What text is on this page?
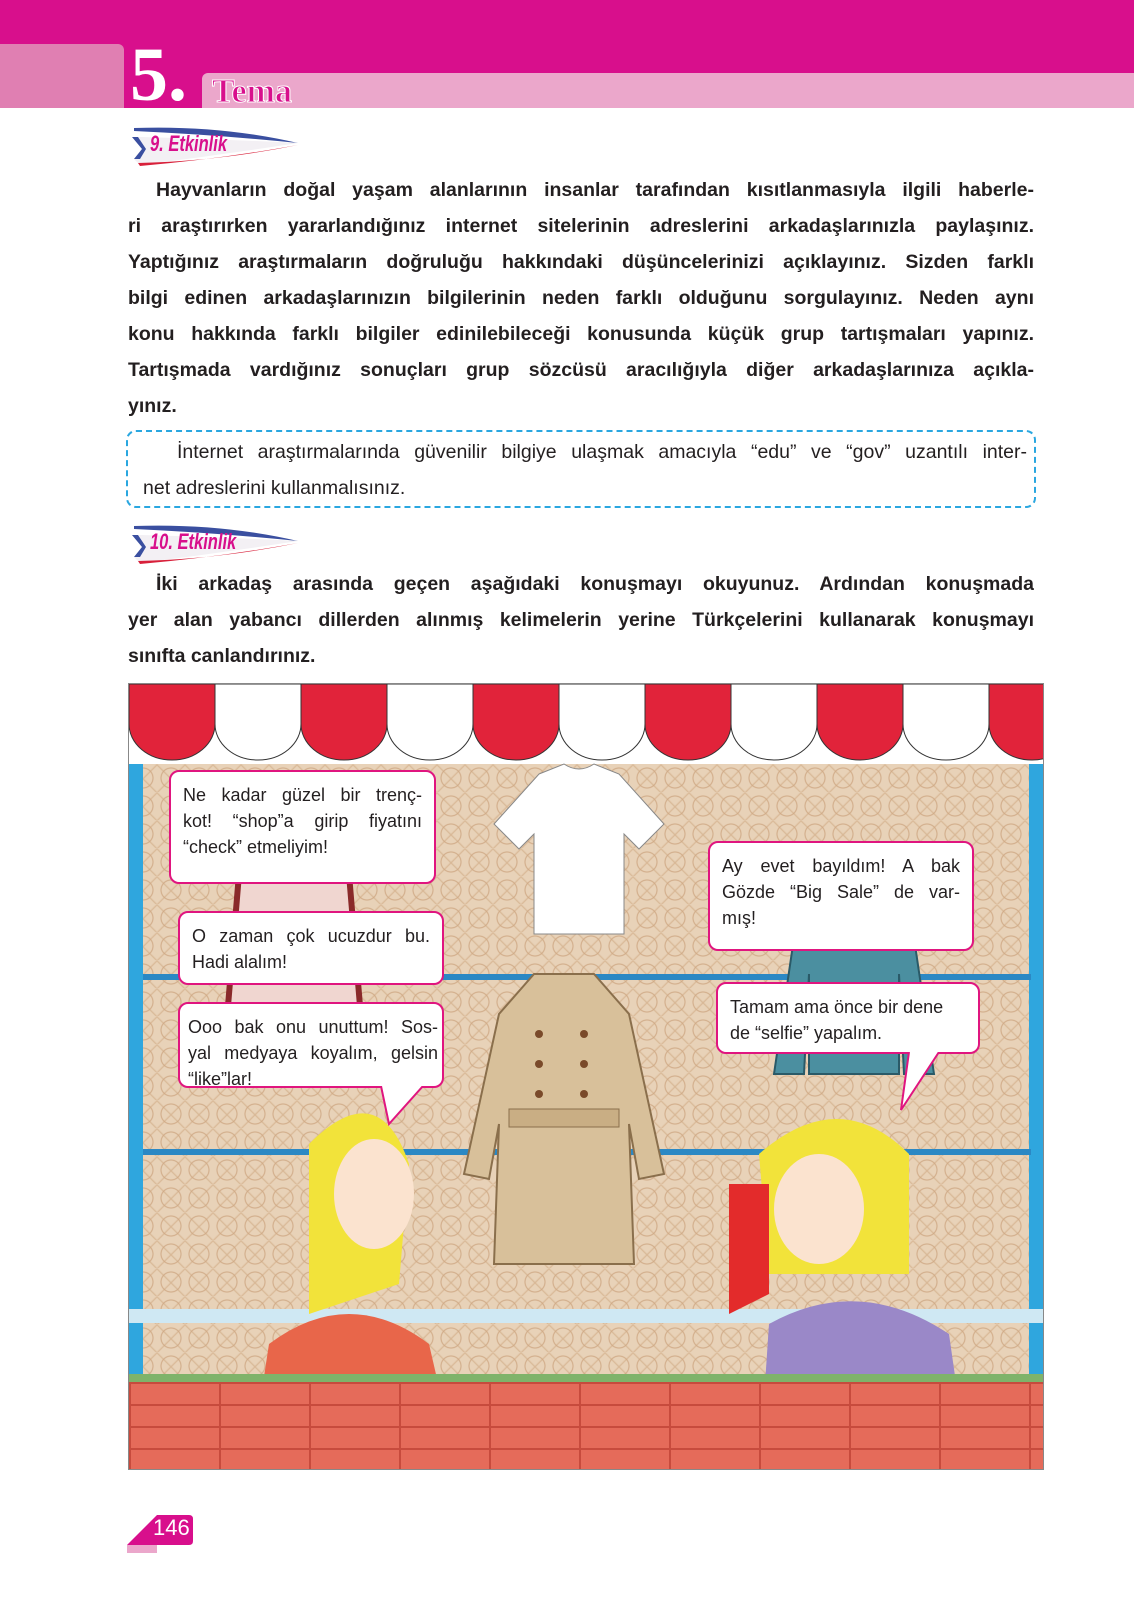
5. Tema
9. Etkinlik
Hayvanların doğal yaşam alanlarının insanlar tarafından kısıtlanmasıyla ilgili haberle-
ri araştırırken yararlandığınız internet sitelerinin adreslerini arkadaşlarınızla paylaşınız.
Yaptığınız araştırmaların doğruluğu hakkındaki düşüncelerinizi açıklayınız. Sizden farklı
bilgi edinen arkadaşlarınızın bilgilerinin neden farklı olduğunu sorgulayınız. Neden aynı
konu hakkında farklı bilgiler edinilebileceği konusunda küçük grup tartışmaları yapınız.
Tartışmada vardığınız sonuçları grup sözcüsü aracılığıyla diğer arkadaşlarınıza açıkla-
yınız.
İnternet araştırmalarında güvenilir bilgiye ulaşmak amacıyla “edu” ve “gov” uzantılı inter-
net adreslerini kullanmalısınız.
10. Etkinlik
İki arkadaş arasında geçen aşağıdaki konuşmayı okuyunuz. Ardından konuşmada
yer alan yabancı dillerden alınmış kelimelerin yerine Türkçelerini kullanarak konuşmayı
sınıfta canlandırınız.
Ne kadar güzel bir trenç-
kot! “shop”a girip fiyatını
“check” etmeliyim!
O zaman çok ucuzdur bu.
Hadi alalım!
Ooo bak onu unuttum! Sos-
yal medyaya koyalım, gelsin
“like”lar!
Ay evet bayıldım! A bak
Gözde “Big Sale” de var-
mış!
Tamam ama önce bir dene
de “selfie” yapalım.
146
